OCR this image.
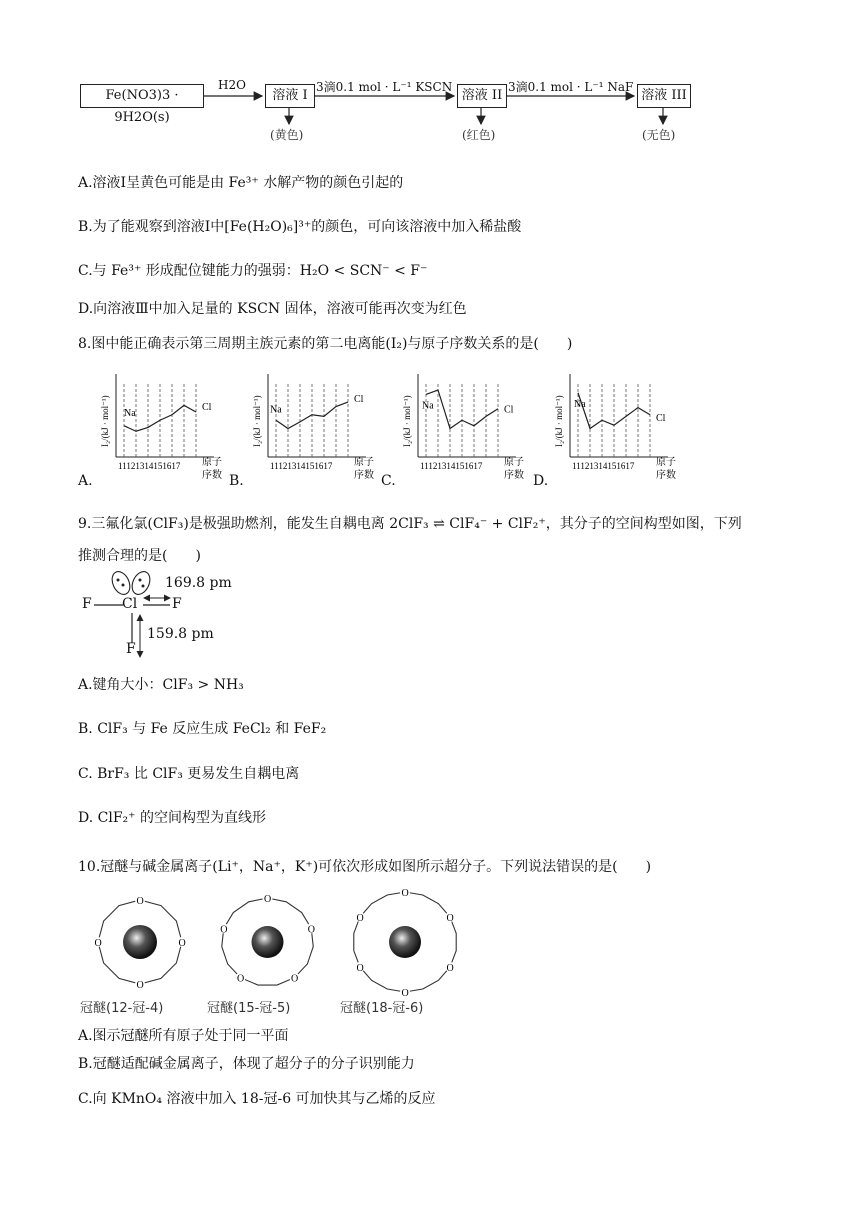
Fe(NO3)3 · 9H2O(s)
溶液 I	溶液 II	溶液 III
H2O	3滴0.1 mol · L⁻¹ KSCN	3滴0.1 mol · L⁻¹ NaF
(黄色)	(红色)	(无色)
A.溶液Ⅰ呈黄色可能是由 Fe³⁺ 水解产物的颜色引起的
B.为了能观察到溶液Ⅰ中[Fe(H₂O)₆]³⁺的颜色，可向该溶液中加入稀盐酸
C.与 Fe³⁺ 形成配位键能力的强弱：H₂O < SCN⁻ < F⁻
D.向溶液Ⅲ中加入足量的 KSCN 固体，溶液可能再次变为红色
8.图中能正确表示第三周期主族元素的第二电离能(I₂)与原子序数关系的是(　　)
11121314151617 原子
序数
I₂/(kJ · mol⁻¹) Na
Cl
11121314151617 原子
序数
I₂/(kJ · mol⁻¹) Na
Cl
11121314151617 原子
序数
I₂/(kJ · mol⁻¹) Na	Cl
11121314151617 原子
序数
I₂/(kJ · mol⁻¹) Na
Cl
A.	B.	C.	D.
9.三氟化氯(ClF₃)是极强助燃剂，能发生自耦电离 2ClF₃ ⇌ ClF₄⁻ + ClF₂⁺，其分子的空间构型如图，下列
推测合理的是(　　)
F Cl F
F
169.8 pm
159.8 pm
A.键角大小：ClF₃ > NH₃
B. ClF₃ 与 Fe 反应生成 FeCl₂ 和 FeF₂
C. BrF₃ 比 ClF₃ 更易发生自耦电离
D. ClF₂⁺ 的空间构型为直线形
10.冠醚与碱金属离子(Li⁺，Na⁺，K⁺)可依次形成如图所示超分子。下列说法错误的是(　　)
O
O
O
O
O
O
O
O
O
O
O
O
O
O
O
冠醚(12-冠-4)	冠醚(15-冠-5)	冠醚(18-冠-6)
A.图示冠醚所有原子处于同一平面
B.冠醚适配碱金属离子，体现了超分子的分子识别能力
C.向 KMnO₄ 溶液中加入 18-冠-6 可加快其与乙烯的反应
